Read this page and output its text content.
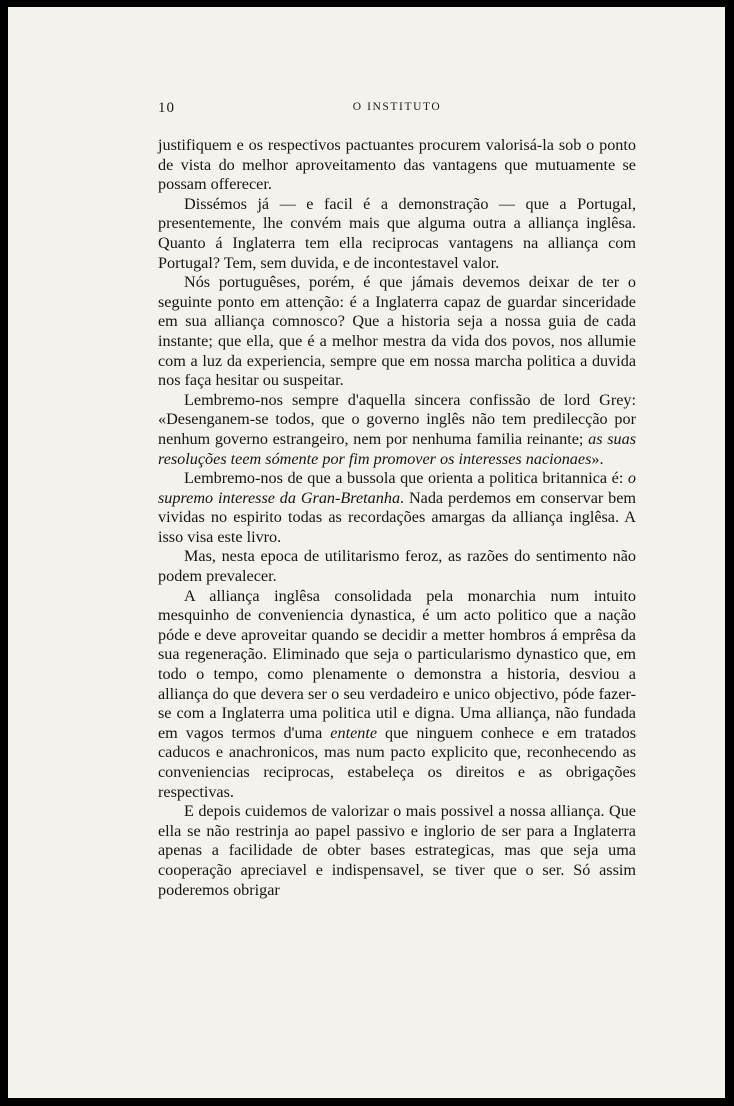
10	O INSTITUTO

justifiquem e os respectivos pactuantes procurem valorisá-la sob o ponto de vista do melhor aproveitamento das vantagens que mutuamente se possam offerecer.

Dissémos já — e facil é a demonstração — que a Portugal, presentemente, lhe convém mais que alguma outra a alliança inglêsa. Quanto á Inglaterra tem ella reciprocas vantagens na alliança com Portugal? Tem, sem duvida, e de incontestavel valor.

Nós portuguêses, porém, é que jámais devemos deixar de ter o seguinte ponto em attenção: é a Inglaterra capaz de guardar sinceridade em sua alliança comnosco? Que a historia seja a nossa guia de cada instante; que ella, que é a melhor mestra da vida dos povos, nos allumie com a luz da experiencia, sempre que em nossa marcha politica a duvida nos faça hesitar ou suspeitar.

Lembremo-nos sempre d'aquella sincera confissão de lord Grey: «Desenganem-se todos, que o governo inglês não tem predilecção por nenhum governo estrangeiro, nem por nenhuma familia reinante; as suas resoluções teem sómente por fim promover os interesses nacionaes».

Lembremo-nos de que a bussola que orienta a politica britannica é: o supremo interesse da Gran-Bretanha. Nada perdemos em conservar bem vividas no espirito todas as recordações amargas da alliança inglêsa. A isso visa este livro.

Mas, nesta epoca de utilitarismo feroz, as razões do sentimento não podem prevalecer.

A alliança inglêsa consolidada pela monarchia num intuito mesquinho de conveniencia dynastica, é um acto politico que a nação póde e deve aproveitar quando se decidir a metter hombros á emprêsa da sua regeneração. Eliminado que seja o particularismo dynastico que, em todo o tempo, como plenamente o demonstra a historia, desviou a alliança do que devera ser o seu verdadeiro e unico objectivo, póde fazer-se com a Inglaterra uma politica util e digna. Uma alliança, não fundada em vagos termos d'uma entente que ninguem conhece e em tratados caducos e anachronicos, mas num pacto explicito que, reconhecendo as conveniencias reciprocas, estabeleça os direitos e as obrigações respectivas.

E depois cuidemos de valorizar o mais possivel a nossa alliança. Que ella se não restrinja ao papel passivo e inglorio de ser para a Inglaterra apenas a facilidade de obter bases estrategicas, mas que seja uma cooperação apreciavel e indispensavel, se tiver que o ser. Só assim poderemos obrigar
